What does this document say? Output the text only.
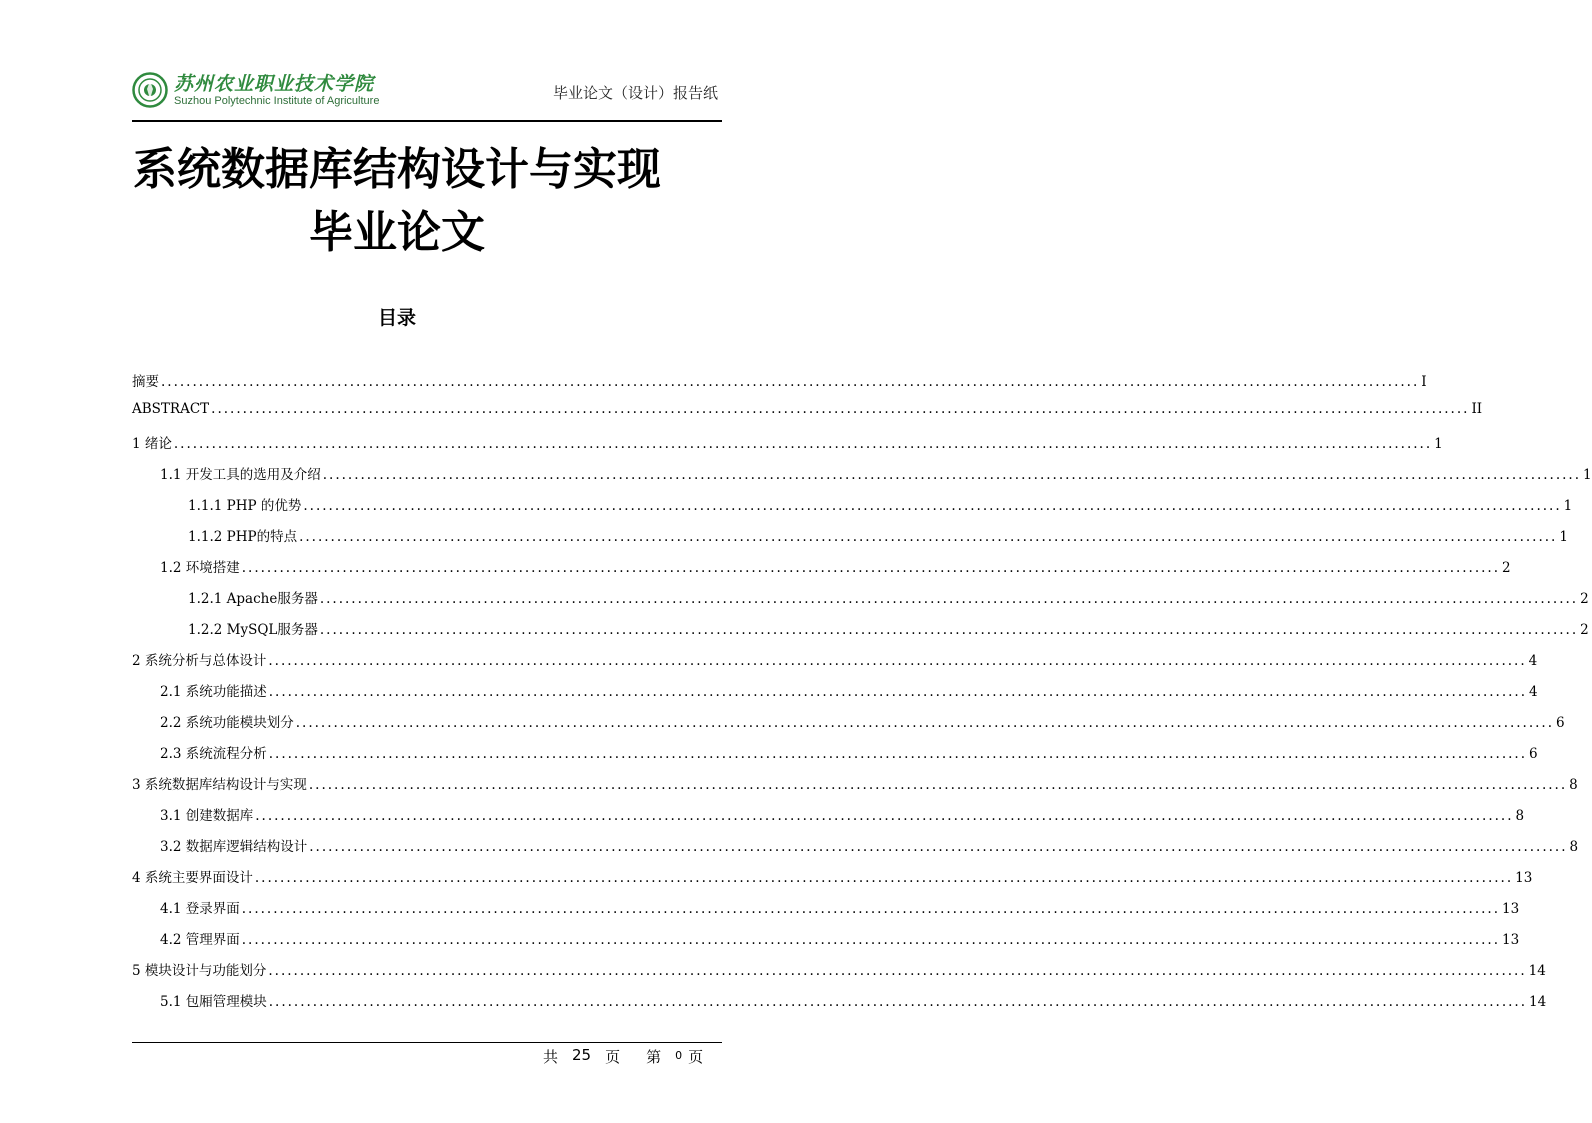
苏州农业职业技术学院
Suzhou Polytechnic Institute of Agriculture	毕业论文（设计）报告纸
系统数据库结构设计与实现
毕业论文
目录
摘要 ........................................................................................................................................................................................................ I
ABSTRACT ........................................................................................................................................................................................................ II
1 绪论 ........................................................................................................................................................................................................ 1
1.1 开发工具的选用及介绍 ........................................................................................................................................................................................................ 1
1.1.1 PHP 的优势 ........................................................................................................................................................................................................ 1
1.1.2 PHP的特点 ........................................................................................................................................................................................................ 1
1.2 环境搭建 ........................................................................................................................................................................................................ 2
1.2.1 Apache服务器 ........................................................................................................................................................................................................ 2
1.2.2 MySQL服务器 ........................................................................................................................................................................................................ 2
2 系统分析与总体设计 ........................................................................................................................................................................................................ 4
2.1 系统功能描述 ........................................................................................................................................................................................................ 4
2.2 系统功能模块划分 ........................................................................................................................................................................................................ 6
2.3 系统流程分析 ........................................................................................................................................................................................................ 6
3 系统数据库结构设计与实现 ........................................................................................................................................................................................................ 8
3.1 创建数据库 ........................................................................................................................................................................................................ 8
3.2 数据库逻辑结构设计 ........................................................................................................................................................................................................ 8
4 系统主要界面设计 ........................................................................................................................................................................................................ 13
4.1 登录界面 ........................................................................................................................................................................................................ 13
4.2 管理界面 ........................................................................................................................................................................................................ 13
5 模块设计与功能划分 ........................................................................................................................................................................................................ 14
5.1 包厢管理模块 ........................................................................................................................................................................................................ 14
共 25 页 第 0 页
